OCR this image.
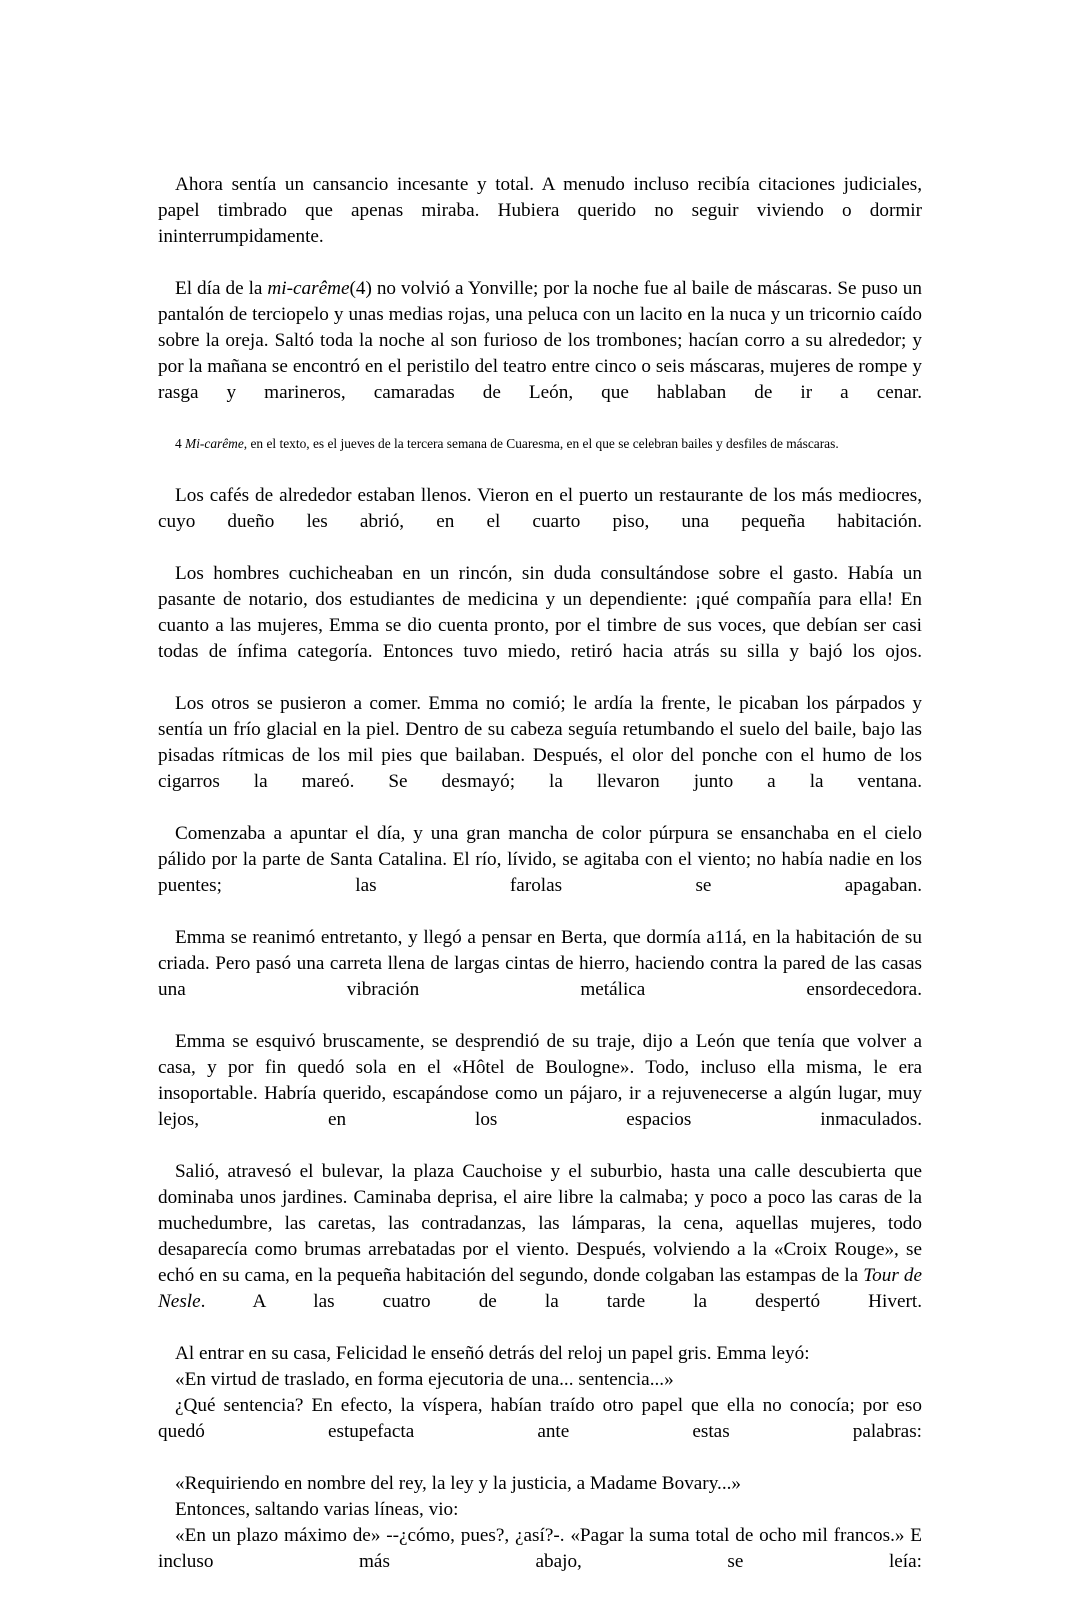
Ahora sentía un cansancio incesante y total. A menudo incluso recibía citaciones judiciales, papel timbrado que apenas miraba. Hubiera querido no seguir viviendo o dormir ininterrumpidamente.

El día de la mi-carême(4) no volvió a Yonville; por la noche fue al baile de máscaras. Se puso un pantalón de terciopelo y unas medias rojas, una peluca con un lacito en la nuca y un tricornio caído sobre la oreja. Saltó toda la noche al son furioso de los trombones; hacían corro a su alrededor; y por la mañana se encontró en el peristilo del teatro entre cinco o seis máscaras, mujeres de rompe y rasga y marineros, camaradas de León, que hablaban de ir a cenar.

4 Mi-carême, en el texto, es el jueves de la tercera semana de Cuaresma, en el que se celebran bailes y desfiles de máscaras.

Los cafés de alrededor estaban llenos. Vieron en el puerto un restaurante de los más mediocres, cuyo dueño les abrió, en el cuarto piso, una pequeña habitación.

Los hombres cuchicheaban en un rincón, sin duda consultándose sobre el gasto. Había un pasante de notario, dos estudiantes de medicina y un dependiente: ¡qué compañía para ella! En cuanto a las mujeres, Emma se dio cuenta pronto, por el timbre de sus voces, que debían ser casi todas de ínfima categoría. Entonces tuvo miedo, retiró hacia atrás su silla y bajó los ojos.

Los otros se pusieron a comer. Emma no comió; le ardía la frente, le picaban los párpados y sentía un frío glacial en la piel. Dentro de su cabeza seguía retumbando el suelo del baile, bajo las pisadas rítmicas de los mil pies que bailaban. Después, el olor del ponche con el humo de los cigarros la mareó. Se desmayó; la llevaron junto a la ventana.

Comenzaba a apuntar el día, y una gran mancha de color púrpura se ensanchaba en el cielo pálido por la parte de Santa Catalina. El río, lívido, se agitaba con el viento; no había nadie en los puentes; las farolas se apagaban.

Emma se reanimó entretanto, y llegó a pensar en Berta, que dormía a11á, en la habitación de su criada. Pero pasó una carreta llena de largas cintas de hierro, haciendo contra la pared de las casas una vibración metálica ensordecedora.

Emma se esquivó bruscamente, se desprendió de su traje, dijo a León que tenía que volver a casa, y por fin quedó sola en el «Hôtel de Boulogne». Todo, incluso ella misma, le era insoportable. Habría querido, escapándose como un pájaro, ir a rejuvenecerse a algún lugar, muy lejos, en los espacios inmaculados.

Salió, atravesó el bulevar, la plaza Cauchoise y el suburbio, hasta una calle descubierta que dominaba unos jardines. Caminaba deprisa, el aire libre la calmaba; y poco a poco las caras de la muchedumbre, las caretas, las contradanzas, las lámparas, la cena, aquellas mujeres, todo desaparecía como brumas arrebatadas por el viento. Después, volviendo a la «Croix Rouge», se echó en su cama, en la pequeña habitación del segundo, donde colgaban las estampas de la Tour de Nesle. A las cuatro de la tarde la despertó Hivert.

Al entrar en su casa, Felicidad le enseñó detrás del reloj un papel gris. Emma leyó:

«En virtud de traslado, en forma ejecutoria de una... sentencia...»

¿Qué sentencia? En efecto, la víspera, habían traído otro papel que ella no conocía; por eso quedó estupefacta ante estas palabras:

«Requiriendo en nombre del rey, la ley y la justicia, a Madame Bovary...»

Entonces, saltando varias líneas, vio:

«En un plazo máximo de» --¿cómo, pues?, ¿así?-. «Pagar la suma total de ocho mil francos.» E incluso más abajo, se leía:
